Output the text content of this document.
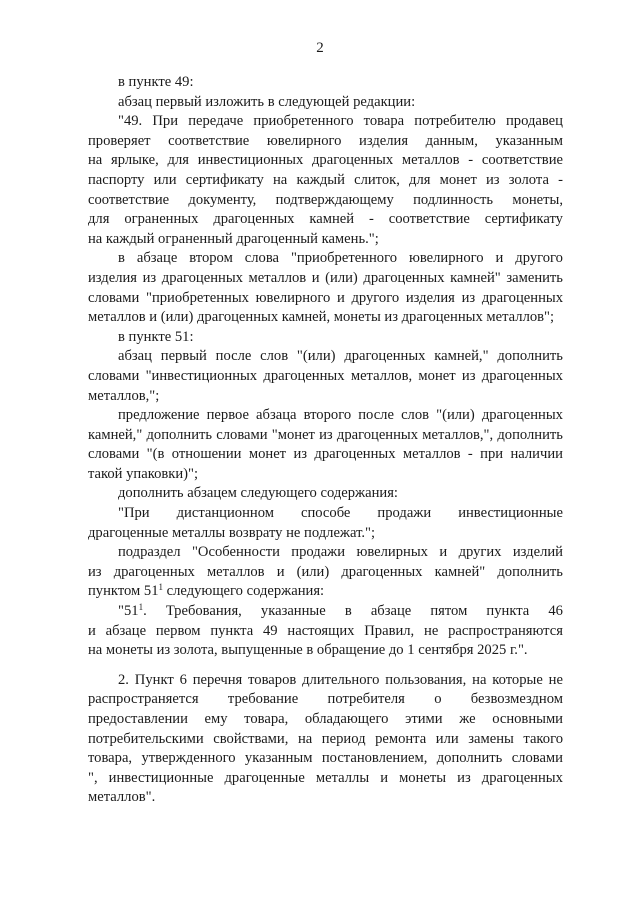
2
в пункте 49:
абзац первый изложить в следующей редакции:
"49. При передаче приобретенного товара потребителю продавец
проверяет соответствие ювелирного изделия данным, указанным
на ярлыке, для инвестиционных драгоценных металлов - соответствие
паспорту или сертификату на каждый слиток, для монет из золота -
соответствие документу, подтверждающему подлинность монеты,
для ограненных драгоценных камней - соответствие сертификату
на каждый ограненный драгоценный камень.";
в абзаце втором слова "приобретенного ювелирного и другого
изделия из драгоценных металлов и (или) драгоценных камней" заменить
словами "приобретенных ювелирного и другого изделия из драгоценных
металлов и (или) драгоценных камней, монеты из драгоценных металлов";
в пункте 51:
абзац первый после слов "(или) драгоценных камней," дополнить
словами "инвестиционных драгоценных металлов, монет из драгоценных
металлов,";
предложение первое абзаца второго после слов "(или) драгоценных
камней," дополнить словами "монет из драгоценных металлов,", дополнить
словами "(в отношении монет из драгоценных металлов - при наличии
такой упаковки)";
дополнить абзацем следующего содержания:
"При дистанционном способе продажи инвестиционные
драгоценные металлы возврату не подлежат.";
подраздел "Особенности продажи ювелирных и других изделий
из драгоценных металлов и (или) драгоценных камней" дополнить
пунктом $51^1$ следующего содержания:
"$51^1$. Требования, указанные в абзаце пятом пункта 46
и абзаце первом пункта 49 настоящих Правил, не распространяются
на монеты из золота, выпущенные в обращение до 1 сентября 2025 г.".
2. Пункт 6 перечня товаров длительного пользования, на которые не
распространяется требование потребителя о безвозмездном
предоставлении ему товара, обладающего этими же основными
потребительскими свойствами, на период ремонта или замены такого
товара, утвержденного указанным постановлением, дополнить словами
", инвестиционные драгоценные металлы и монеты из драгоценных
металлов".
